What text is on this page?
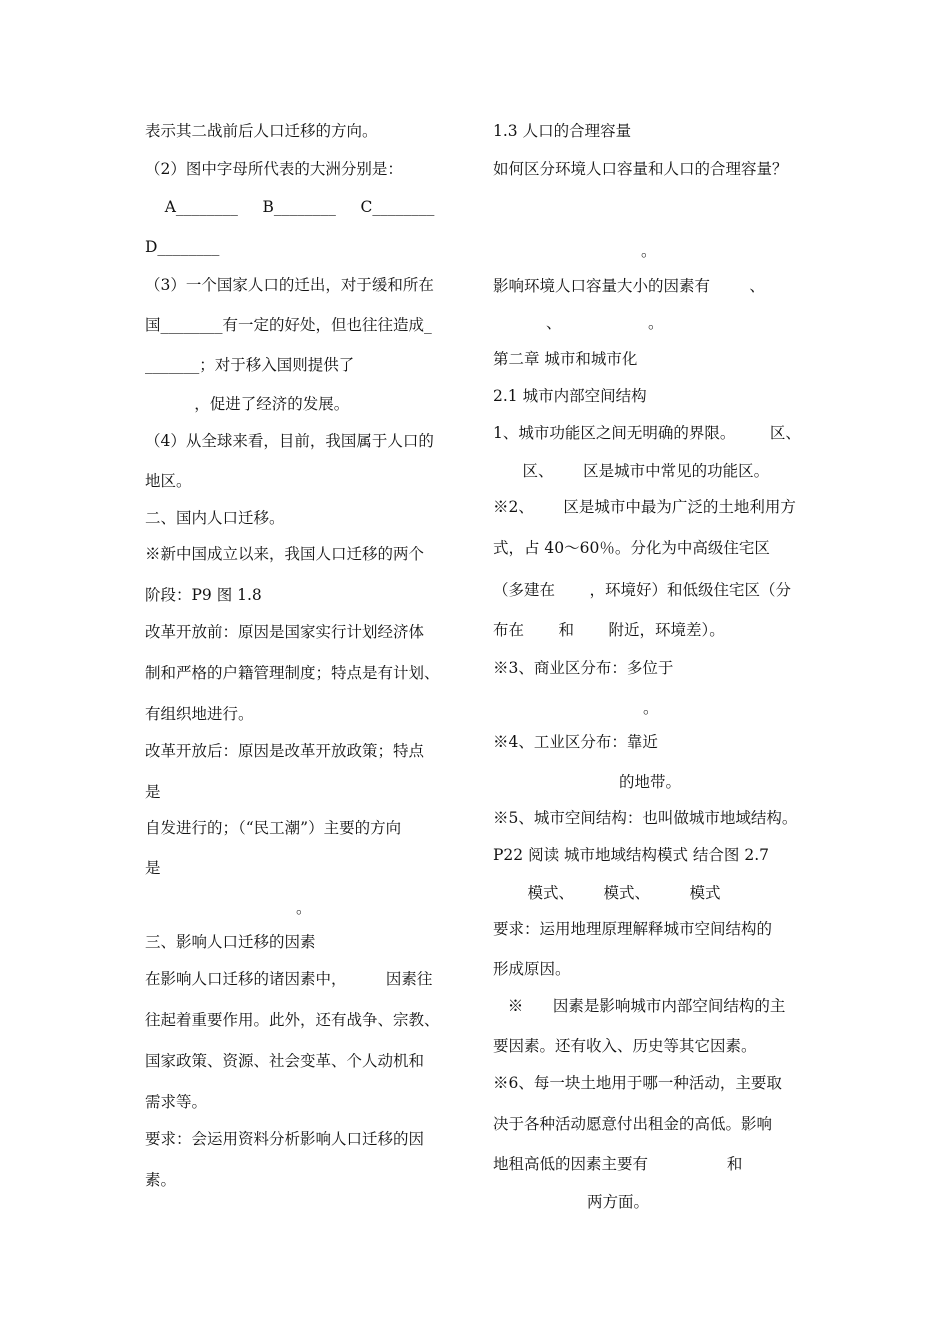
表示其二战前后人口迁移的方向。
（2）图中字母所代表的大洲分别是：
A________     B________     C________
D________
（3）一个国家人口的迁出，对于缓和所在
国________有一定的好处，但也往往造成_
_______；对于移入国则提供了
，促进了经济的发展。
（4）从全球来看，目前，我国属于人口的
地区。
二、国内人口迁移。
※新中国成立以来，我国人口迁移的两个
阶段：P9 图 1.8
改革开放前：原因是国家实行计划经济体
制和严格的户籍管理制度；特点是有计划、
有组织地进行。
改革开放后：原因是改革开放政策；特点
是
自发进行的；（“民工潮”）主要的方向
是
。
三、影响人口迁移的因素
在影响人口迁移的诸因素中，        因素往
往起着重要作用。此外，还有战争、宗教、
国家政策、资源、社会变革、个人动机和
需求等。
要求：会运用资料分析影响人口迁移的因
素。
1.3 人口的合理容量
如何区分环境人口容量和人口的合理容量？
。
影响环境人口容量大小的因素有        、
、	。
第二章 城市和城市化
2.1 城市内部空间结构
1、城市功能区之间无明确的界限。       区、
区、      区是城市中常见的功能区。
※2、      区是城市中最为广泛的土地利用方
式，占 40～60％。分化为中高级住宅区
（多建在       ，环境好）和低级住宅区（分
布在       和       附近，环境差）。
※3、商业区分布：多位于
。
※4、工业区分布：靠近
的地带。
※5、城市空间结构：也叫做城市地域结构。
P22 阅读 城市地域结构模式 结合图 2.7
模式、      模式、        模式
要求：运用地理原理解释城市空间结构的
形成原因。
※      因素是影响城市内部空间结构的主
要因素。还有收入、历史等其它因素。
※6、每一块土地用于哪一种活动，主要取
决于各种活动愿意付出租金的高低。影响
地租高低的因素主要有                和
两方面。
